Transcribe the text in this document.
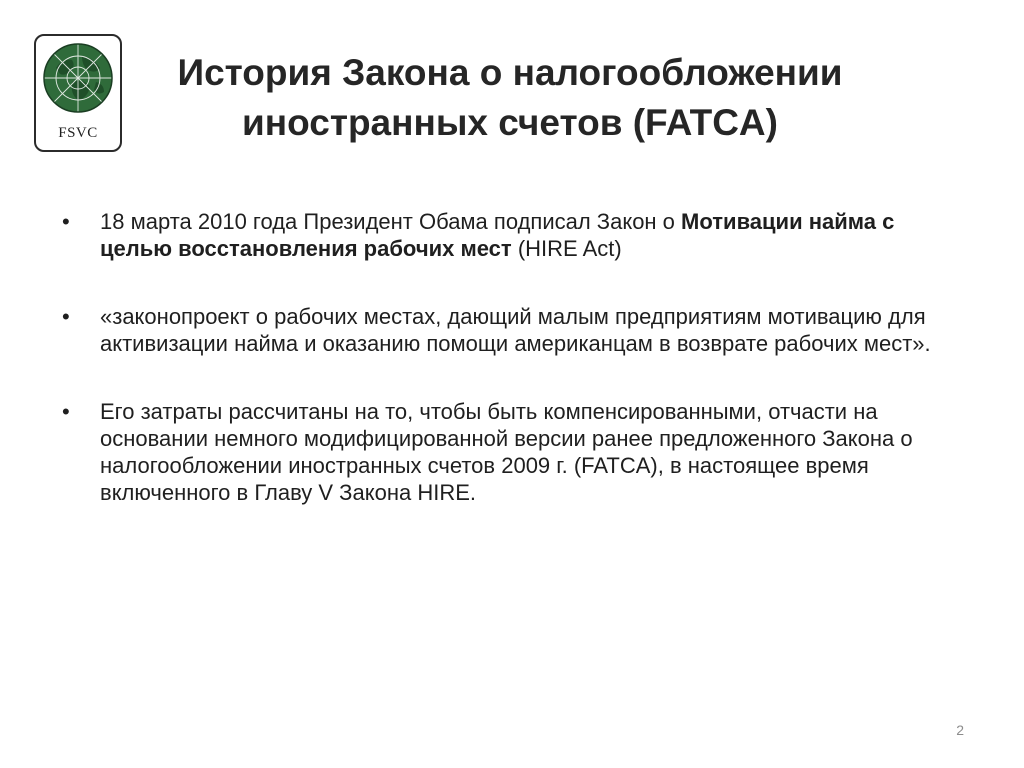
FSVC
История Закона о налогообложении
иностранных счетов (FATCA)
• 18 марта 2010 года Президент Обама подписал Закон о Мотивации найма с целью восстановления рабочих мест (HIRE Act)
• «законопроект о рабочих местах, дающий малым предприятиям мотивацию для активизации найма и оказанию помощи американцам в возврате рабочих мест».
• Его затраты рассчитаны на то, чтобы быть компенсированными, отчасти на основании немного модифицированной версии ранее предложенного Закона о налогообложении иностранных счетов 2009 г. (FATCA), в настоящее время включенного в Главу V Закона HIRE.
2
